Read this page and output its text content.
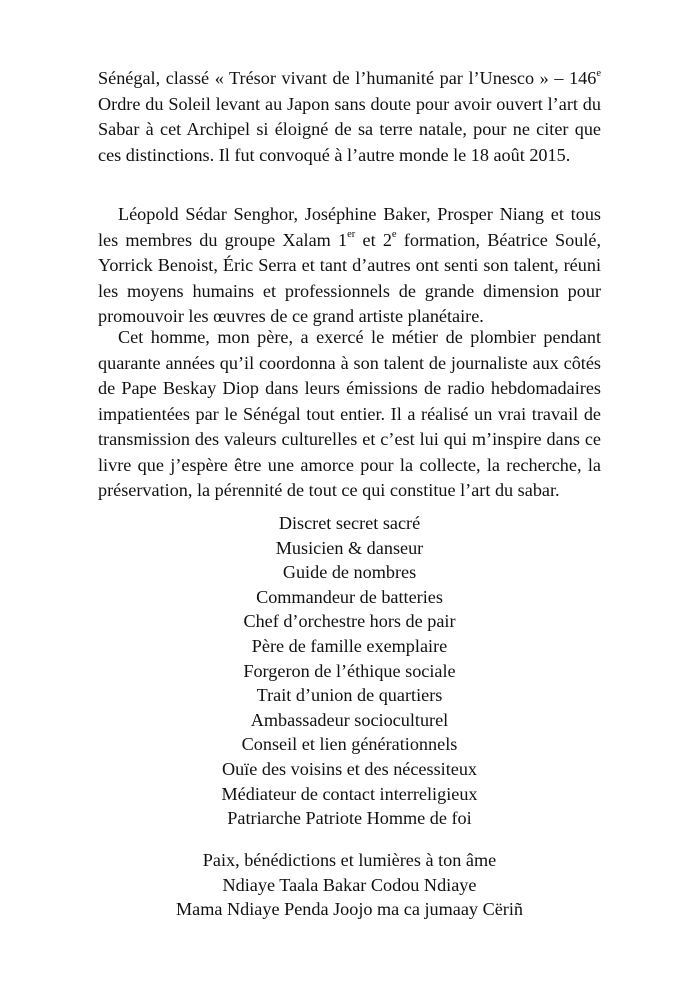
Sénégal, classé « Trésor vivant de l’humanité par l’Unesco » – 146e Ordre du Soleil levant au Japon sans doute pour avoir ouvert l’art du Sabar à cet Archipel si éloigné de sa terre natale, pour ne citer que ces distinctions. Il fut convoqué à l’autre monde le 18 août 2015.

Léopold Sédar Senghor, Joséphine Baker, Prosper Niang et tous les membres du groupe Xalam 1er et 2e formation, Béatrice Soulé, Yorrick Benoist, Éric Serra et tant d’autres ont senti son talent, réuni les moyens humains et professionnels de grande dimension pour promouvoir les œuvres de ce grand artiste planétaire.

Cet homme, mon père, a exercé le métier de plombier pendant quarante années qu’il coordonna à son talent de journaliste aux côtés de Pape Beskay Diop dans leurs émissions de radio hebdomadaires impatientées par le Sénégal tout entier. Il a réalisé un vrai travail de transmission des valeurs culturelles et c’est lui qui m’inspire dans ce livre que j’espère être une amorce pour la collecte, la recherche, la préservation, la pérennité de tout ce qui constitue l’art du sabar.

Discret secret sacré
Musicien & danseur
Guide de nombres
Commandeur de batteries
Chef d’orchestre hors de pair
Père de famille exemplaire
Forgeron de l’éthique sociale
Trait d’union de quartiers
Ambassadeur socioculturel
Conseil et lien générationnels
Ouïe des voisins et des nécessiteux
Médiateur de contact interreligieux
Patriarche Patriote Homme de foi
Paix, bénédictions et lumières à ton âme
Ndiaye Taala Bakar Codou Ndiaye
Mama Ndiaye Penda Joojo ma ca jumaay Cëriñ
